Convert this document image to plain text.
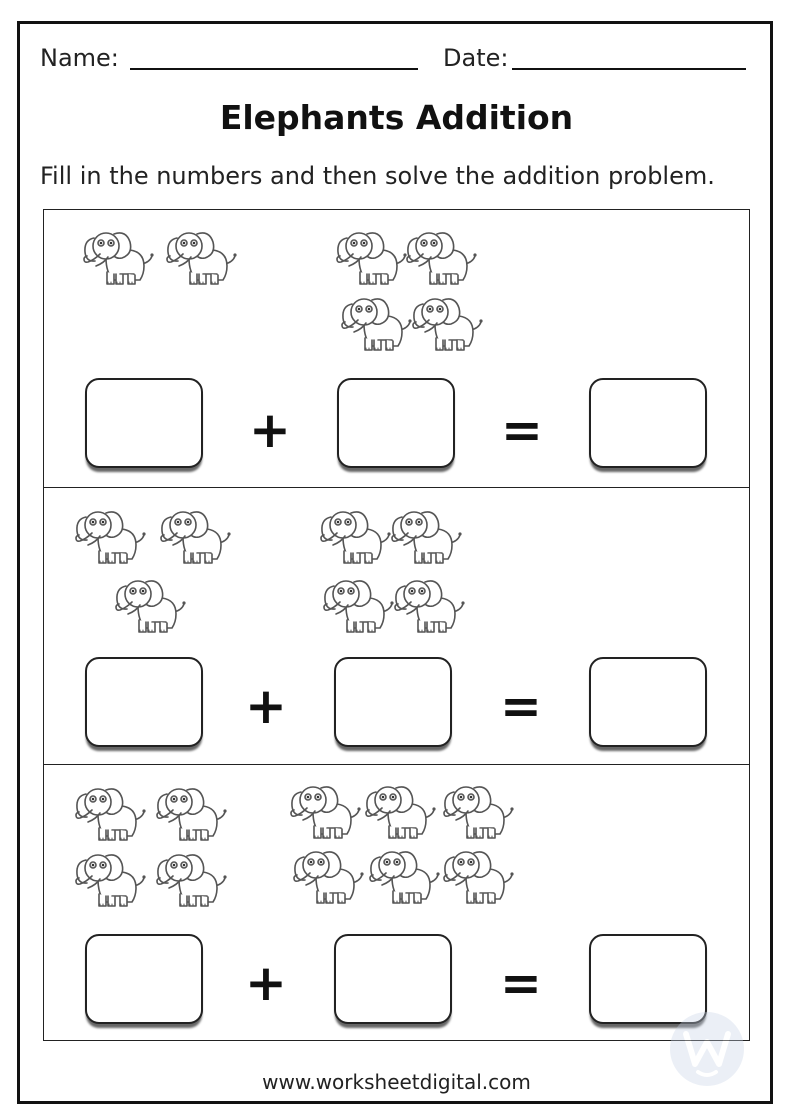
Name:	Date:
Elephants Addition
Fill in the numbers and then solve the addition problem.
+	=
+	=
+	=
www.worksheetdigital.com
